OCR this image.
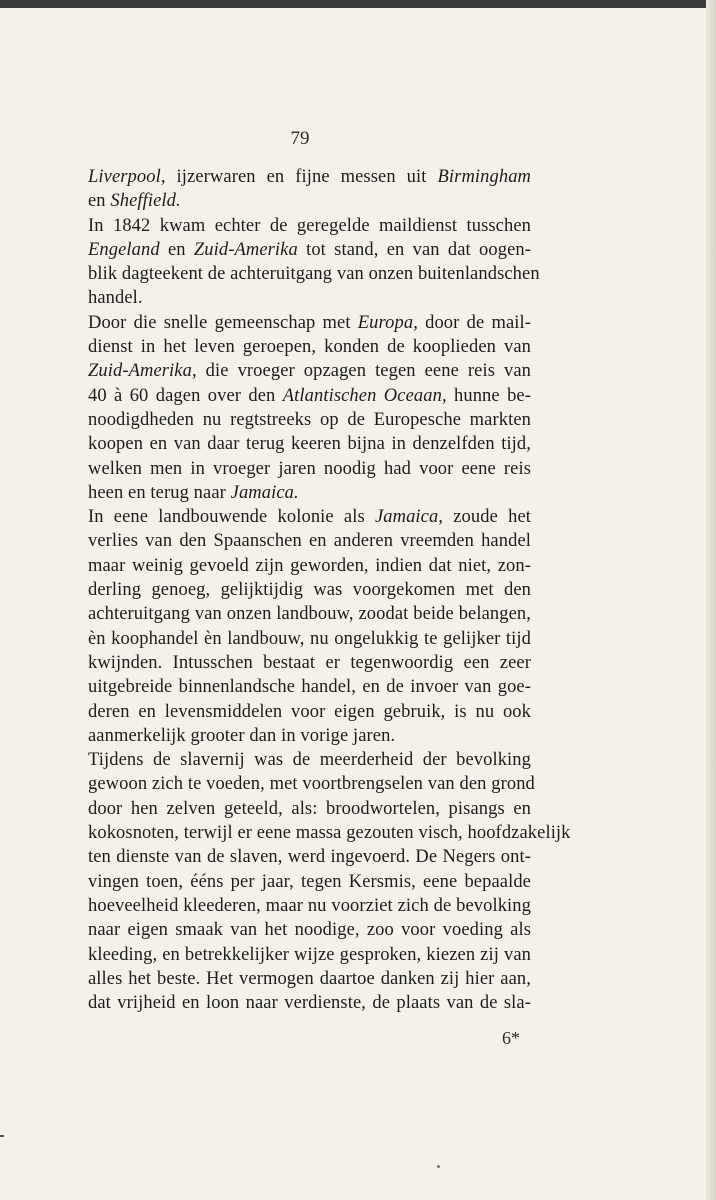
79
Liverpool, ijzerwaren en fijne messen uit Birmingham
en Sheffield.
In 1842 kwam echter de geregelde maildienst tusschen
Engeland en Zuid-Amerika tot stand, en van dat oogen-
blik dagteekent de achteruitgang van onzen buitenlandschen
handel.
Door die snelle gemeenschap met Europa, door de mail-
dienst in het leven geroepen, konden de kooplieden van
Zuid-Amerika, die vroeger opzagen tegen eene reis van
40 à 60 dagen over den Atlantischen Oceaan, hunne be-
noodigdheden nu regtstreeks op de Europesche markten
koopen en van daar terug keeren bijna in denzelfden tijd,
welken men in vroeger jaren noodig had voor eene reis
heen en terug naar Jamaica.
In eene landbouwende kolonie als Jamaica, zoude het
verlies van den Spaanschen en anderen vreemden handel
maar weinig gevoeld zijn geworden, indien dat niet, zon-
derling genoeg, gelijktijdig was voorgekomen met den
achteruitgang van onzen landbouw, zoodat beide belangen,
èn koophandel èn landbouw, nu ongelukkig te gelijker tijd
kwijnden. Intusschen bestaat er tegenwoordig een zeer
uitgebreide binnenlandsche handel, en de invoer van goe-
deren en levensmiddelen voor eigen gebruik, is nu ook
aanmerkelijk grooter dan in vorige jaren.
Tijdens de slavernij was de meerderheid der bevolking
gewoon zich te voeden, met voortbrengselen van den grond
door hen zelven geteeld, als: broodwortelen, pisangs en
kokosnoten, terwijl er eene massa gezouten visch, hoofdzakelijk
ten dienste van de slaven, werd ingevoerd. De Negers ont-
vingen toen, ééns per jaar, tegen Kersmis, eene bepaalde
hoeveelheid kleederen, maar nu voorziet zich de bevolking
naar eigen smaak van het noodige, zoo voor voeding als
kleeding, en betrekkelijker wijze gesproken, kiezen zij van
alles het beste. Het vermogen daartoe danken zij hier aan,
dat vrijheid en loon naar verdienste, de plaats van de sla-
6*
